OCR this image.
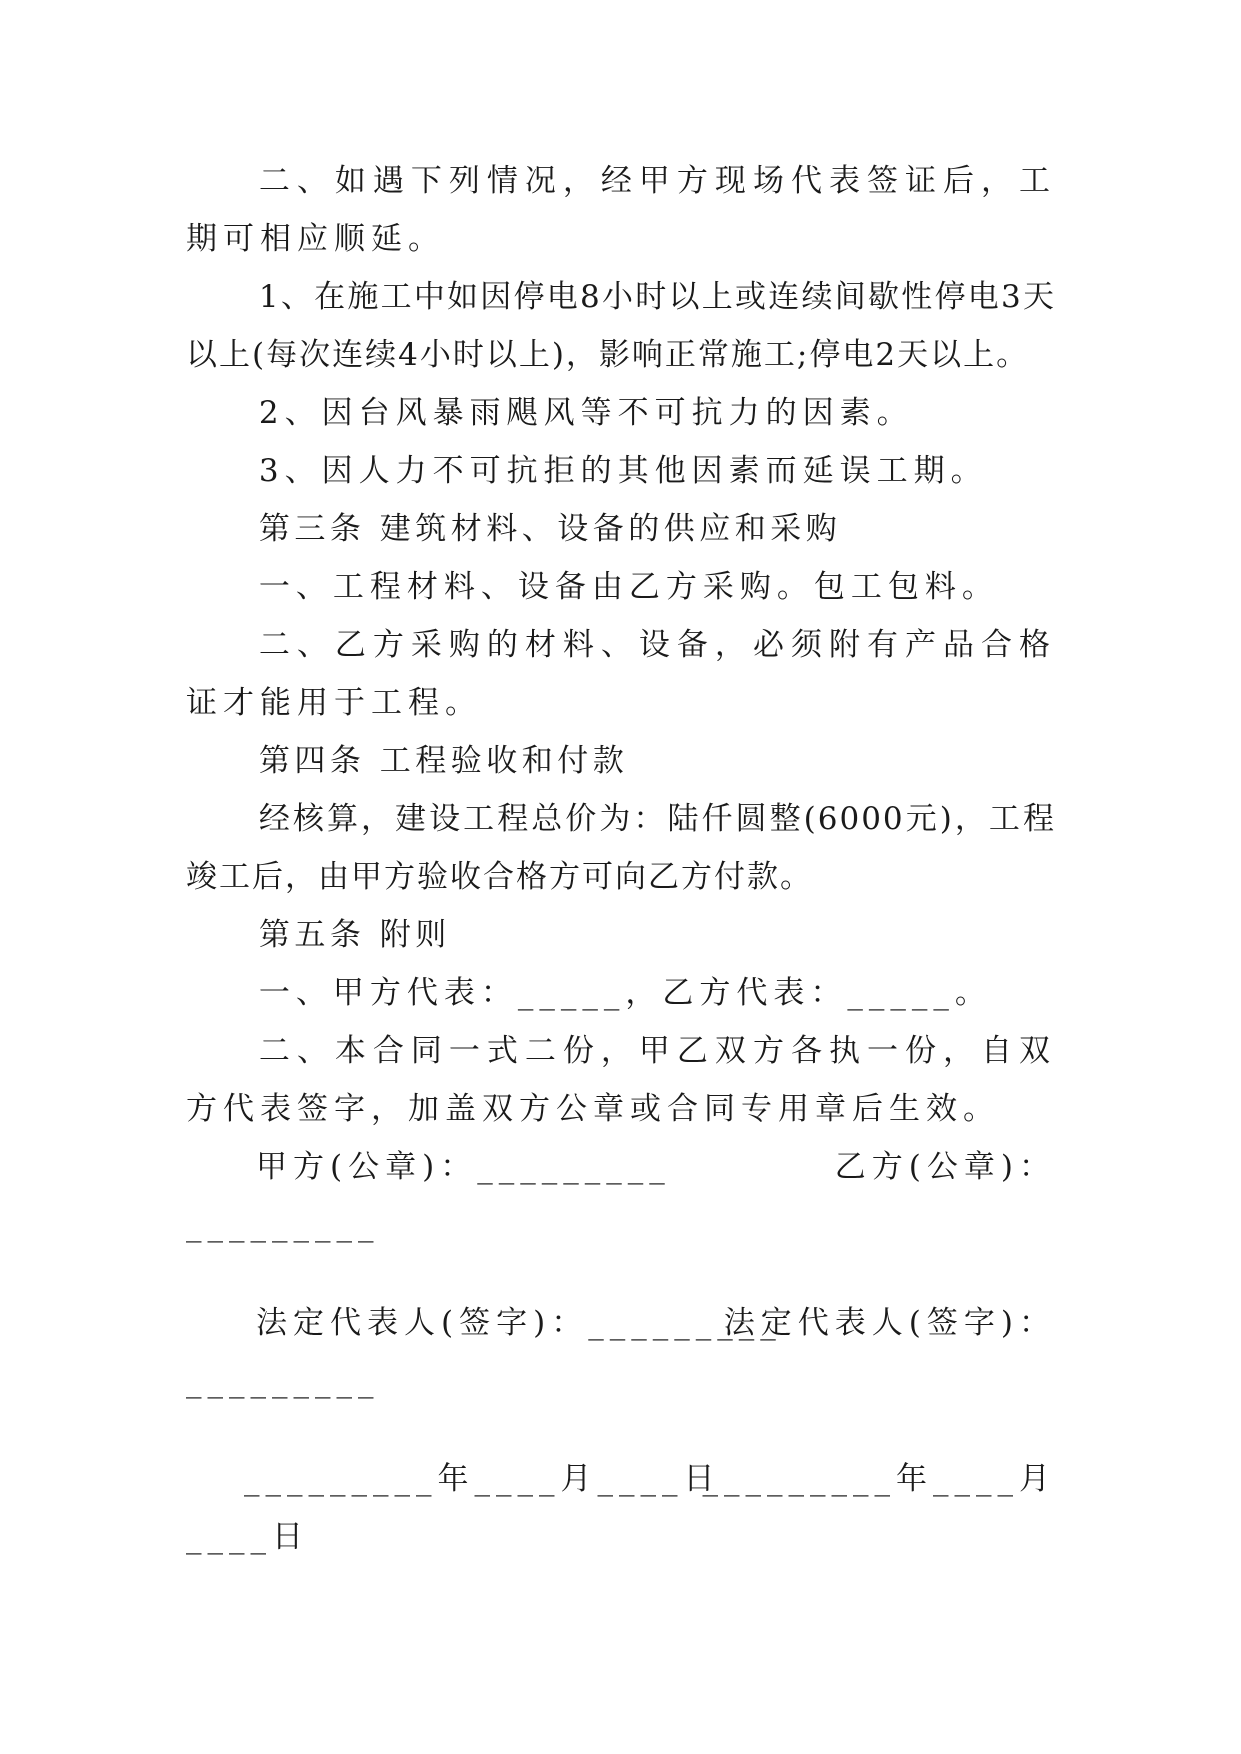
二、如遇下列情况，经甲方现场代表签证后，工期可相应顺延。

1、在施工中如因停电8小时以上或连续间歇性停电3天以上(每次连续4小时以上)，影响正常施工;停电2天以上。

2、因台风暴雨飓风等不可抗力的因素。

3、因人力不可抗拒的其他因素而延误工期。

第三条 建筑材料、设备的供应和采购

一、工程材料、设备由乙方采购。包工包料。

二、乙方采购的材料、设备，必须附有产品合格证才能用于工程。

第四条 工程验收和付款

经核算，建设工程总价为：陆仟圆整(6000元)，工程竣工后，由甲方验收合格方可向乙方付款。

第五条 附则

一、甲方代表：_____，乙方代表：_____。

二、本合同一式二份，甲乙双方各执一份，自双方代表签字，加盖双方公章或合同专用章后生效。

甲方(公章)：_________	乙方(公章)：
_________
法定代表人(签字)：_________
法定代表人(签字)：
_________
_________年____月____日
_________年____月
____日
